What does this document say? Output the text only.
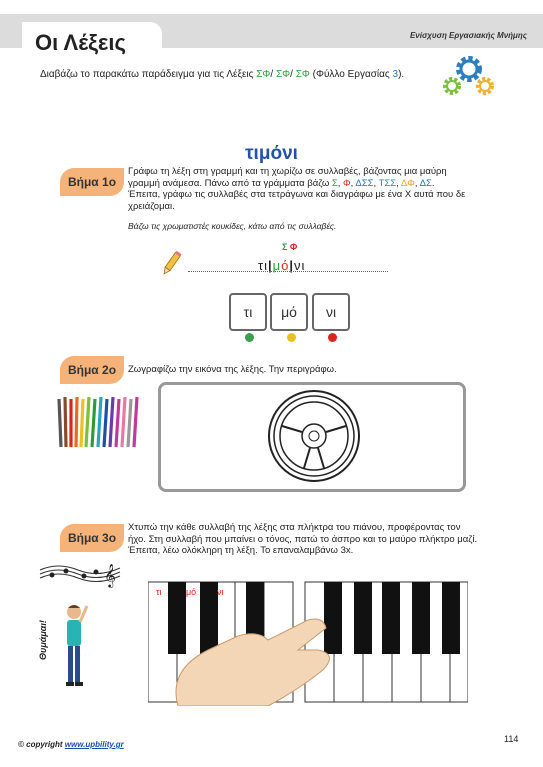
Οι Λέξεις	Ενίσχυση Εργασιακής Μνήμης
Διαβάζω το παρακάτω παράδειγμα για τις Λέξεις ΣΦ/ ΣΦ/ ΣΦ (Φύλλο Εργασίας 3).
τιμόνι
Βήμα 1ο
Γράφω τη λέξη στη γραμμή και τη χωρίζω σε συλλαβές, βάζοντας μια μαύρη γραμμή ανάμεσα. Πάνω από τα γράμματα βάζω Σ, Φ, ΔΣΣ, ΤΣΣ, ΔΦ, ΔΣ. Έπειτα, γράφω τις συλλαβές στα τετράγωνα και διαγράφω με ένα Χ αυτά που δε χρειάζομαι.
Βάζω τις χρωματιστές κουκίδες, κάτω από τις συλλαβές.
Σ Φ
τι|μό|νι
τι	μό	νι
Βήμα 2ο	Ζωγραφίζω την εικόνα της λέξης. Την περιγράφω.
Βήμα 3ο
Χτυπώ την κάθε συλλαβή της λέξης στα πλήκτρα του πιάνου, προφέροντας τον ήχο. Στη συλλαβή που μπαίνει ο τόνος, πατώ το άσπρο και το μαύρο πλήκτρο μαζί. Έπειτα, λέω ολόκληρη τη λέξη. Το επαναλαμβάνω 3x.
𝄞
Θυμάμαι!
τι	μό νι
© copyright www.upbility.gr
114
